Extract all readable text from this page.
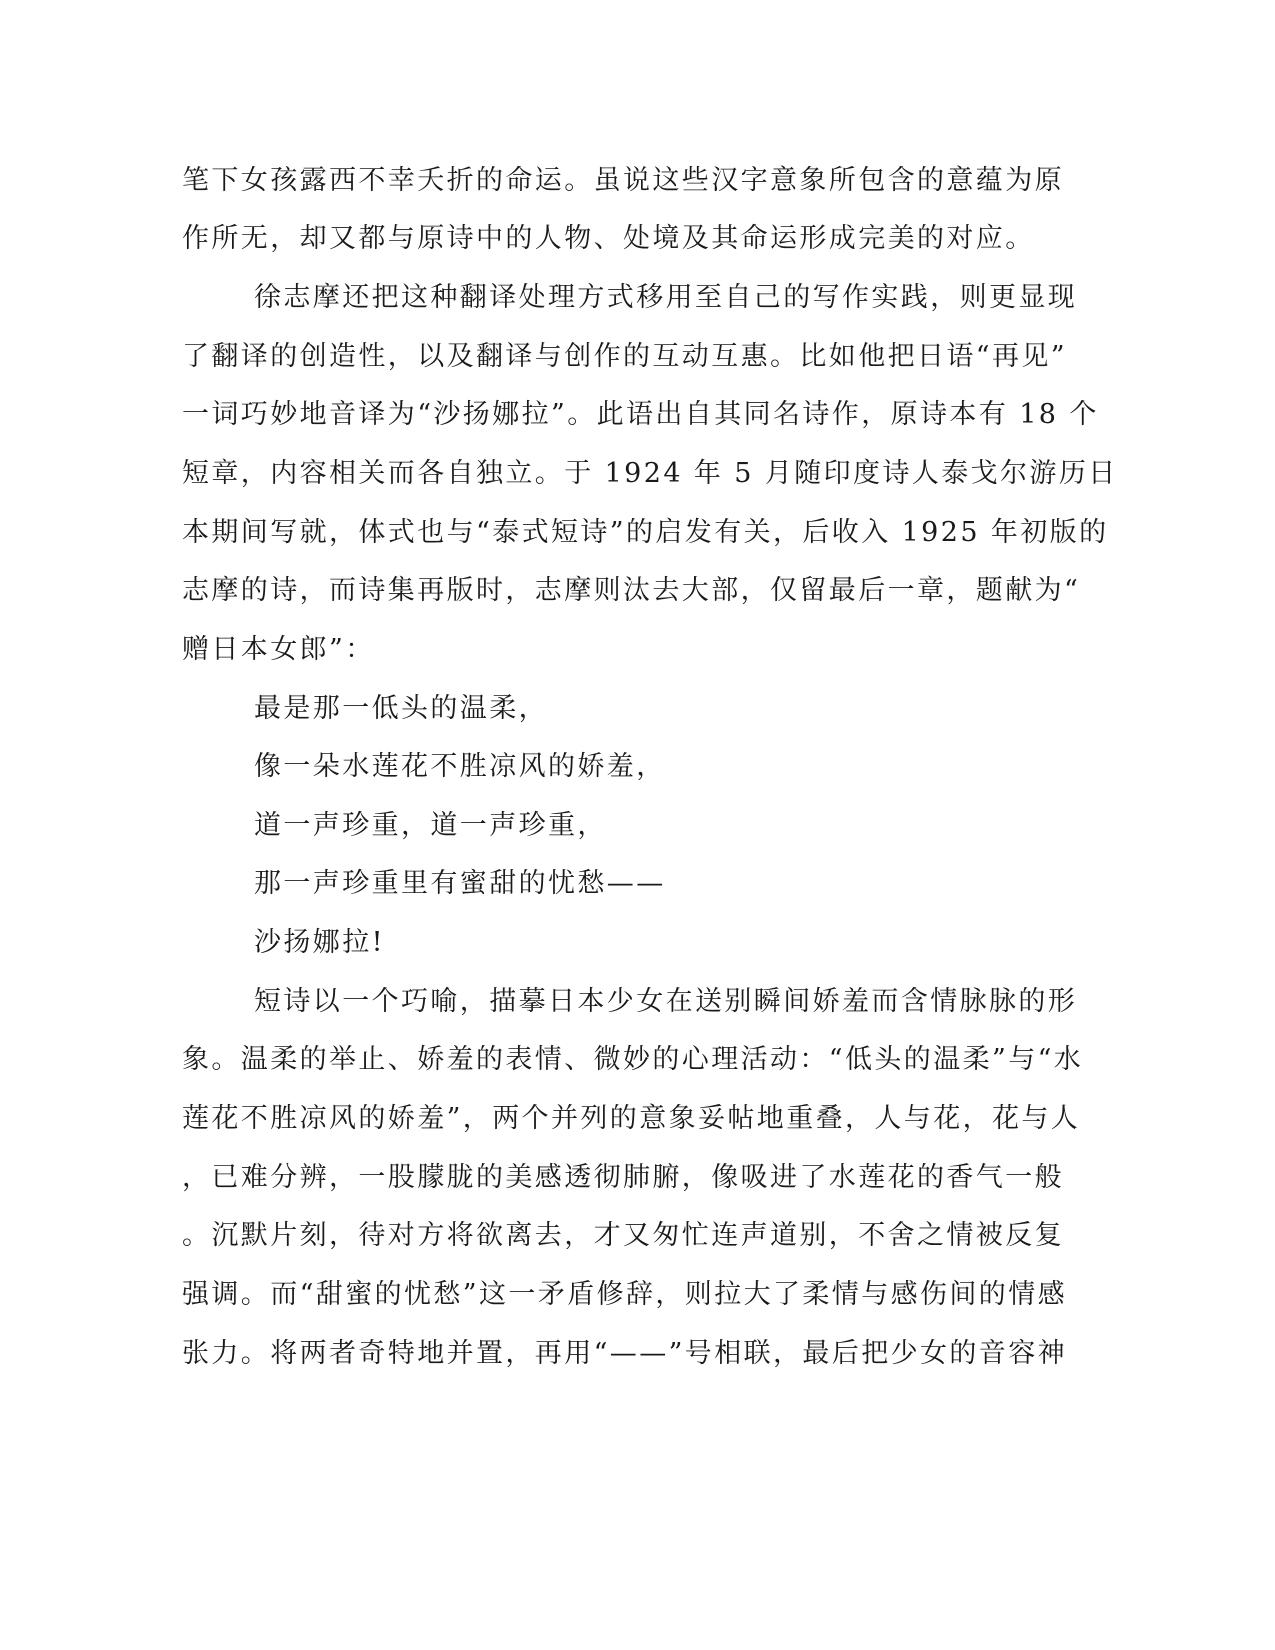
笔下女孩露西不幸夭折的命运。虽说这些汉字意象所包含的意蕴为原
作所无，却又都与原诗中的人物、处境及其命运形成完美的对应。
徐志摩还把这种翻译处理方式移用至自己的写作实践，则更显现
了翻译的创造性，以及翻译与创作的互动互惠。比如他把日语“再见”
一词巧妙地音译为“沙扬娜拉”。此语出自其同名诗作，原诗本有 18 个
短章，内容相关而各自独立。于 1924 年 5 月随印度诗人泰戈尔游历日
本期间写就，体式也与“泰式短诗”的启发有关，后收入 1925 年初版的
志摩的诗，而诗集再版时，志摩则汰去大部，仅留最后一章，题献为“
赠日本女郎”：
最是那一低头的温柔，
像一朵水莲花不胜凉风的娇羞，
道一声珍重，道一声珍重，
那一声珍重里有蜜甜的忧愁——
沙扬娜拉!
短诗以一个巧喻，描摹日本少女在送别瞬间娇羞而含情脉脉的形
象。温柔的举止、娇羞的表情、微妙的心理活动：“低头的温柔”与“水
莲花不胜凉风的娇羞”，两个并列的意象妥帖地重叠，人与花，花与人
，已难分辨，一股朦胧的美感透彻肺腑，像吸进了水莲花的香气一般
。沉默片刻，待对方将欲离去，才又匆忙连声道别，不舍之情被反复
强调。而“甜蜜的忧愁”这一矛盾修辞，则拉大了柔情与感伤间的情感
张力。将两者奇特地并置，再用“——”号相联，最后把少女的音容神
